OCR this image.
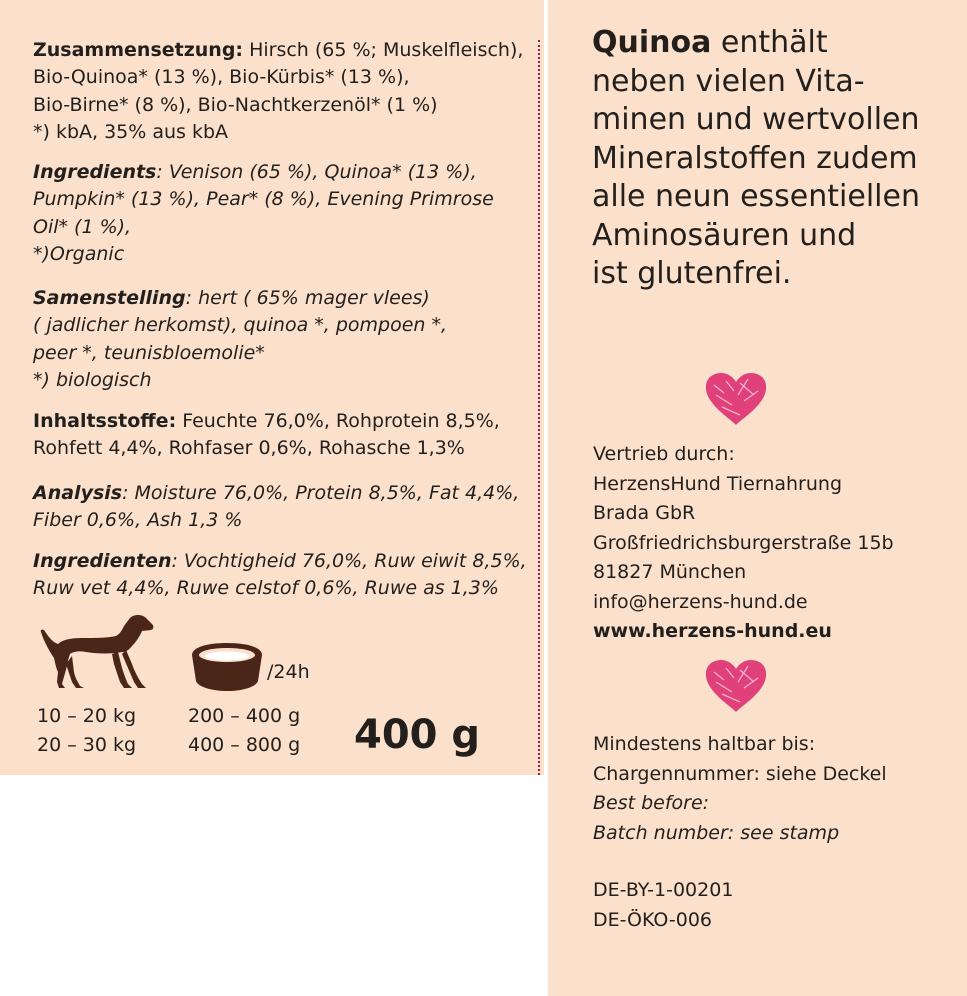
Zusammensetzung: Hirsch (65 %; Muskelfleisch),
Bio-Quinoa* (13 %), Bio-Kürbis* (13 %),
Bio-Birne* (8 %), Bio-Nachtkerzenöl* (1 %)
*) kbA, 35% aus kbA
Ingredients: Venison (65 %), Quinoa* (13 %),
Pumpkin* (13 %), Pear* (8 %), Evening Primrose
Oil* (1 %),
*)Organic
Samenstelling: hert ( 65% mager vlees)
( jadlicher herkomst), quinoa *, pompoen *,
peer *, teunisbloemolie*
*) biologisch
Inhaltsstoffe: Feuchte 76,0%, Rohprotein 8,5%,
Rohfett 4,4%, Rohfaser 0,6%, Rohasche 1,3%
Analysis: Moisture 76,0%, Protein 8,5%, Fat 4,4%,
Fiber 0,6%, Ash 1,3 %
Ingredienten: Vochtigheid 76,0%, Ruw eiwit 8,5%,
Ruw vet 4,4%, Ruwe celstof 0,6%, Ruwe as 1,3%
/24h
10 – 20 kg
20 – 30 kg
200 – 400 g
400 – 800 g 400 g
Quinoa enthält
neben vielen Vita-
minen und wertvollen
Mineralstoffen zudem
alle neun essentiellen
Aminosäuren und
ist glutenfrei.
Vertrieb durch:
HerzensHund Tiernahrung
Brada GbR
Großfriedrichsburgerstraße 15b
81827 München
info@herzens-hund.de
www.herzens-hund.eu
Mindestens haltbar bis:
Chargennummer: siehe Deckel
Best before:
Batch number: see stamp
DE-BY-1-00201
DE-ÖKO-006
